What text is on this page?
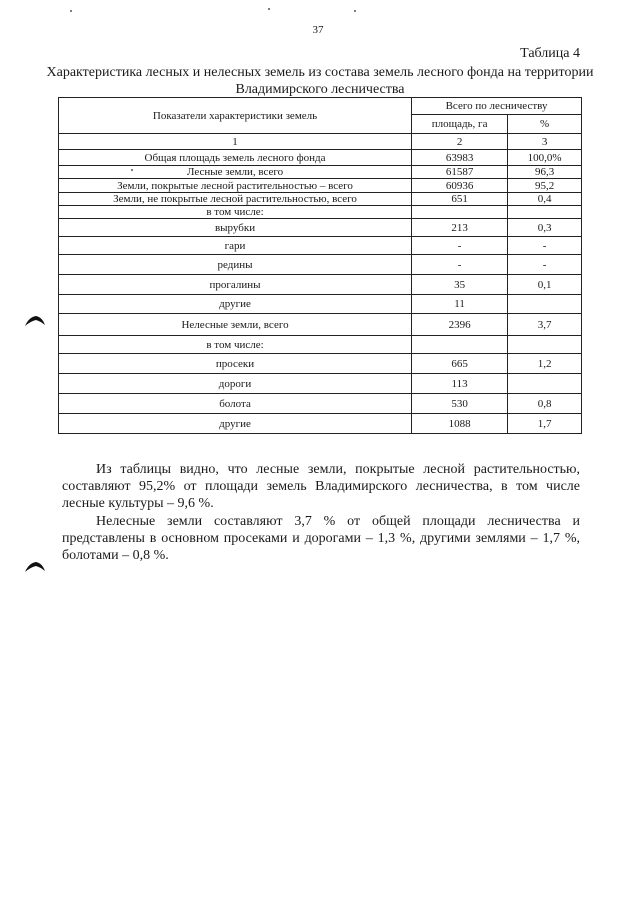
37
Таблица 4
Характеристика лесных и нелесных земель из состава земель лесного фонда на территории Владимирского лесничества
Показатели характеристики земель	Всего по лесничеству	
	площадь, га	%
1	2	3
Общая площадь земель лесного фонда	63983	100,0%
Лесные земли, всего	61587	96,3
Земли, покрытые лесной растительностью – всего	60936	95,2
Земли, не покрытые лесной растительностью, всего	651	0,4
в том числе:		
вырубки	213	0,3
гари	-	-
редины	-	-
прогалины	35	0,1
другие	11	
Нелесные земли, всего	2396	3,7
в том числе:		
просеки	665	1,2
дороги	113	
болота	530	0,8
другие	1088	1,7
Из таблицы видно, что лесные земли, покрытые лесной растительностью, составляют 95,2% от площади земель Владимирского лесничества, в том числе лесные культуры – 9,6 %.
Нелесные земли составляют 3,7 % от общей площади лесничества и представлены в основном просеками и дорогами – 1,3 %, другими землями – 1,7 %, болотами – 0,8 %.
